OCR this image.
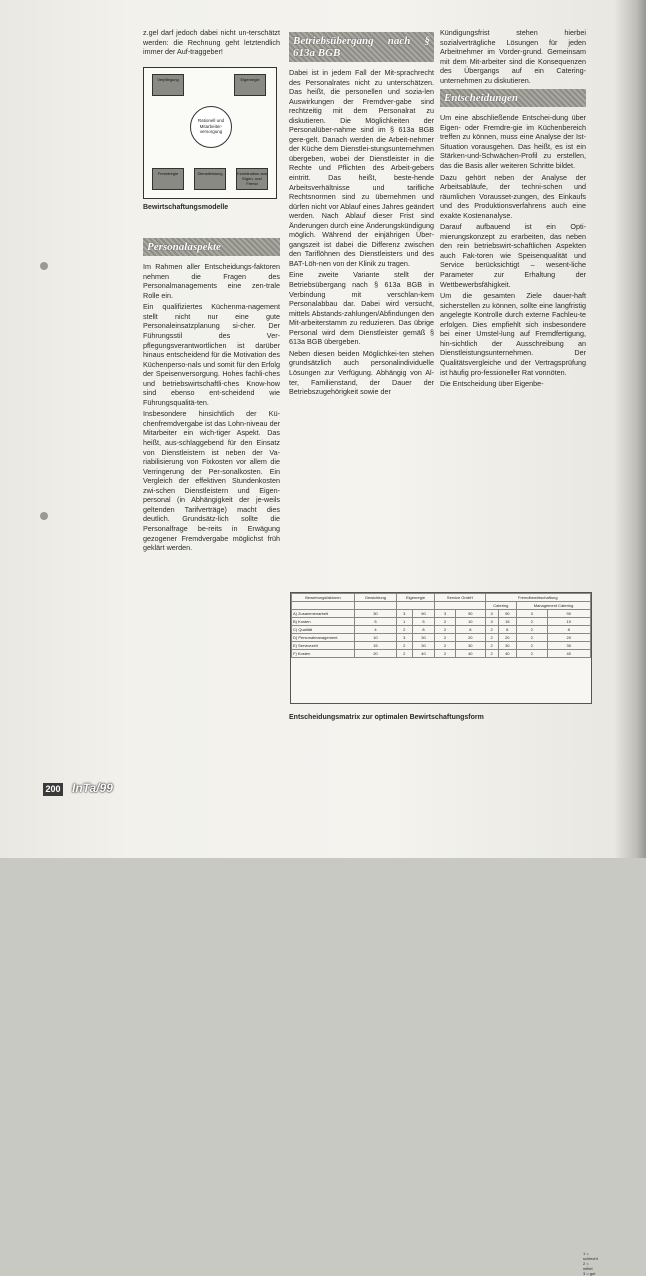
z.gel darf jedoch dabei nicht un-terschätzt werden: die Rechnung geht letztendlich immer der Auf-traggeber!

Verpflegung	Eigenregie
Rationell und Mitarbeiter-versorgung
Fremdregie	Dienstleistung	Kombination aus Eigen- und Fremd
Bewirtschaftungsmodelle
Personalaspekte

Im Rahmen aller Entscheidungs-faktoren nehmen die Fragen des Personalmanagements eine zen-trale Rolle ein.

Ein qualifiziertes Küchenma-nagement stellt nicht nur eine gute Personaleinsatzplanung si-cher. Der Führungsstil des Ver-pflegungsverantwortlichen ist darüber hinaus entscheidend für die Motivation des Küchenperso-nals und somit für den Erfolg der Speisenversorgung. Hohes fachli-ches und betriebswirtschaftli-ches Know-how sind ebenso ent-scheidend wie Führungsqualitä-ten.

Insbesondere hinsichtlich der Kü-chenfremdvergabe ist das Lohn-niveau der Mitarbeiter ein wich-tiger Aspekt. Das heißt, aus-schlaggebend für den Einsatz von Dienstleistern ist neben der Va-riabilisierung von Fixkosten vor allem die Verringerung der Per-sonalkosten. Ein Vergleich der effektiven Stundenkosten zwi-schen Dienstleistern und Eigen-personal (in Abhängigkeit der je-weils geltenden Tarifverträge) macht dies deutlich. Grundsätz-lich sollte die Personalfrage be-reits in Erwägung gezogener Fremdvergabe möglichst früh geklärt werden.

Betriebsübergang nach § 613a BGB

Dabei ist in jedem Fall der Mit-sprachrecht des Personalrates nicht zu unterschätzen. Das heißt, die personellen und sozia-len Auswirkungen der Fremdver-gabe sind rechtzeitig mit dem Personalrat zu diskutieren. Die Möglichkeiten der Personalüber-nahme sind im § 613a BGB gere-gelt. Danach werden die Arbeit-nehmer der Küche dem Dienstlei-stungsunternehmen übergeben, wobei der Dienstleister in die Rechte und Pflichten des Arbeit-gebers eintritt. Das heißt, beste-hende Arbeitsverhältnisse und tarifliche Rechtsnormen sind zu übernehmen und dürfen nicht vor Ablauf eines Jahres geändert werden. Nach Ablauf dieser Frist sind Änderungen durch eine Änderungskündigung möglich. Während der einjährigen Über-gangszeit ist dabei die Differenz zwischen den Tariflöhnen des Dienstleisters und des BAT-Löh-nen von der Klinik zu tragen.

Eine zweite Variante stellt der Betriebsübergang nach § 613a BGB in Verbindung mit verschlan-kem Personalabbau dar. Dabei wird versucht, mittels Abstands-zahlungen/Abfindungen den Mit-arbeiterstamm zu reduzieren. Das übrige Personal wird dem Dienstleister gemäß § 613a BGB übergeben.

Neben diesen beiden Möglichkei-ten stehen grundsätzlich auch personalindividuelle Lösungen zur Verfügung. Abhängig von Al-ter, Familienstand, der Dauer der Betriebszugehörigkeit sowie der

Kündigungsfrist stehen hierbei sozialverträgliche Lösungen für jeden Arbeitnehmer im Vorder-grund. Gemeinsam mit dem Mit-arbeiter sind die Konsequenzen des Übergangs auf ein Catering-unternehmen zu diskutieren.

Entscheidungen

Um eine abschließende Entschei-dung über Eigen- oder Fremdre-gie im Küchenbereich treffen zu können, muss eine Analyse der Ist-Situation vorausgehen. Das heißt, es ist ein Stärken-und-Schwächen-Profil zu erstellen, das die Basis aller weiteren Schritte bildet.

Dazu gehört neben der Analyse der Arbeitsabläufe, der techni-schen und räumlichen Vorausset-zungen, des Einkaufs und des Produktionsverfahrens auch eine exakte Kostenanalyse.

Darauf aufbauend ist ein Opti-mierungskonzept zu erarbeiten, das neben den rein betriebswirt-schaftlichen Aspekten auch Fak-toren wie Speisenqualität und Service berücksichtigt – wesent-liche Parameter zur Erhaltung der Wettbewerbsfähigkeit.

Um die gesamten Ziele dauer-haft sicherstellen zu können, sollte eine langfristig angelegte Kontrolle durch externe Fachleu-te erfolgen. Dies empfiehlt sich insbesondere bei einer Umstel-lung auf Fremdfertigung, hin-sichtlich der Ausschreibung an Dienstleistungsunternehmen. Der Qualitätsvergleiche und der Vertragsprüfung ist häufig pro-fessioneller Rat vonnöten.

Die Entscheidung über Eigenbe-

Bewertungsfaktoren	Gewichtung	Eigenregie		Service GmbH		Fremdbewirtschaftung			
						Catering		Management Catering	
A) Zusammenarbeit	30	3	90	3	90	3	90	3	90
B) Kosten	5	1	5	2	10	3	15	2	10
C) Qualität	4	2	8	2	8	2	8	2	8
D) Personalmanagement	10	3	30	2	20	2	20	2	20
E) Servicezeit	15	2	30	2	30	2	30	2	30
F) Kosten	20	2	40	2	40	2	40	2	40
1 = schlecht
2 = mittel
3 = gut
Entscheidungsmatrix zur optimalen Bewirtschaftungsform
200 InTa/99
